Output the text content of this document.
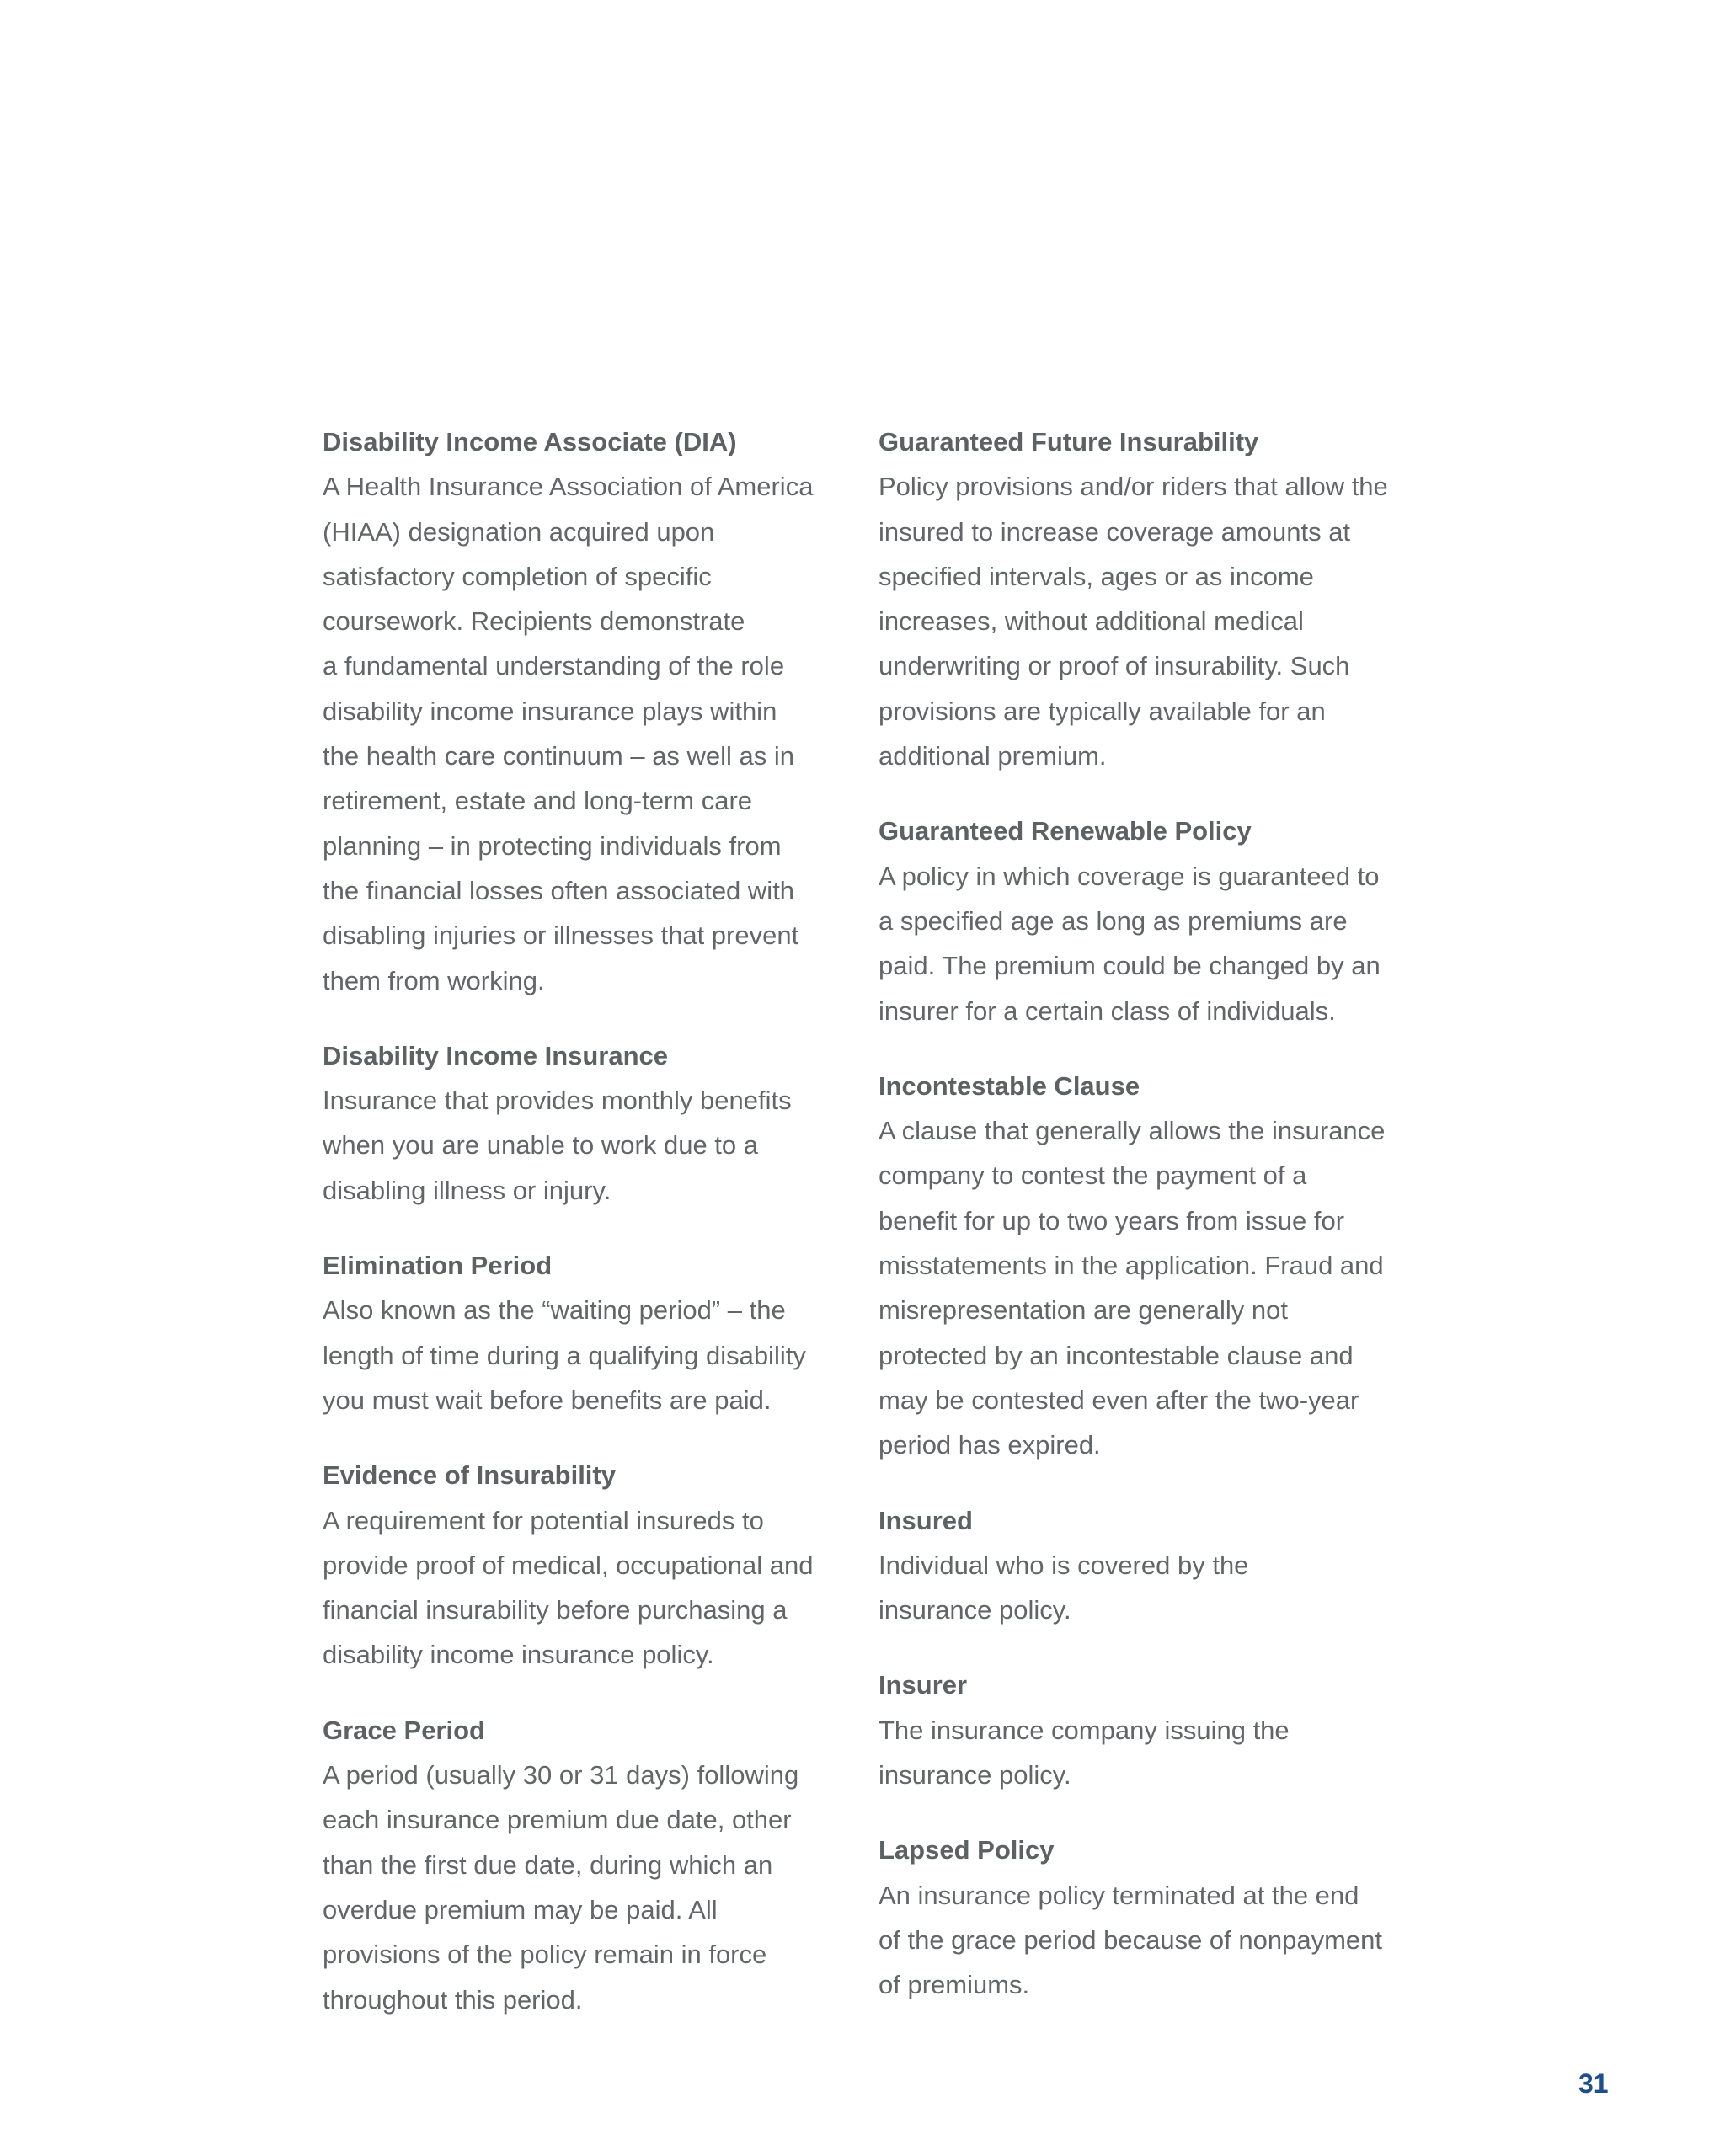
Disability Income Associate (DIA)

A Health Insurance Association of America
(HIAA) designation acquired upon
satisfactory completion of specific
coursework. Recipients demonstrate
a fundamental understanding of the role
disability income insurance plays within
the health care continuum – as well as in
retirement, estate and long-term care
planning – in protecting individuals from
the financial losses often associated with
disabling injuries or illnesses that prevent
them from working.

Disability Income Insurance

Insurance that provides monthly benefits
when you are unable to work due to a
disabling illness or injury.

Elimination Period

Also known as the “waiting period” – the
length of time during a qualifying disability
you must wait before benefits are paid.

Evidence of Insurability

A requirement for potential insureds to
provide proof of medical, occupational and
financial insurability before purchasing a
disability income insurance policy.

Grace Period

A period (usually 30 or 31 days) following
each insurance premium due date, other
than the first due date, during which an
overdue premium may be paid. All
provisions of the policy remain in force
throughout this period.

Guaranteed Future Insurability

Policy provisions and/or riders that allow the
insured to increase coverage amounts at
specified intervals, ages or as income
increases, without additional medical
underwriting or proof of insurability. Such
provisions are typically available for an
additional premium.

Guaranteed Renewable Policy

A policy in which coverage is guaranteed to
a specified age as long as premiums are
paid. The premium could be changed by an
insurer for a certain class of individuals.

Incontestable Clause

A clause that generally allows the insurance
company to contest the payment of a
benefit for up to two years from issue for
misstatements in the application. Fraud and
misrepresentation are generally not
protected by an incontestable clause and
may be contested even after the two-year
period has expired.

Insured

Individual who is covered by the
insurance policy.

Insurer

The insurance company issuing the
insurance policy.

Lapsed Policy

An insurance policy terminated at the end
of the grace period because of nonpayment
of premiums.

31
